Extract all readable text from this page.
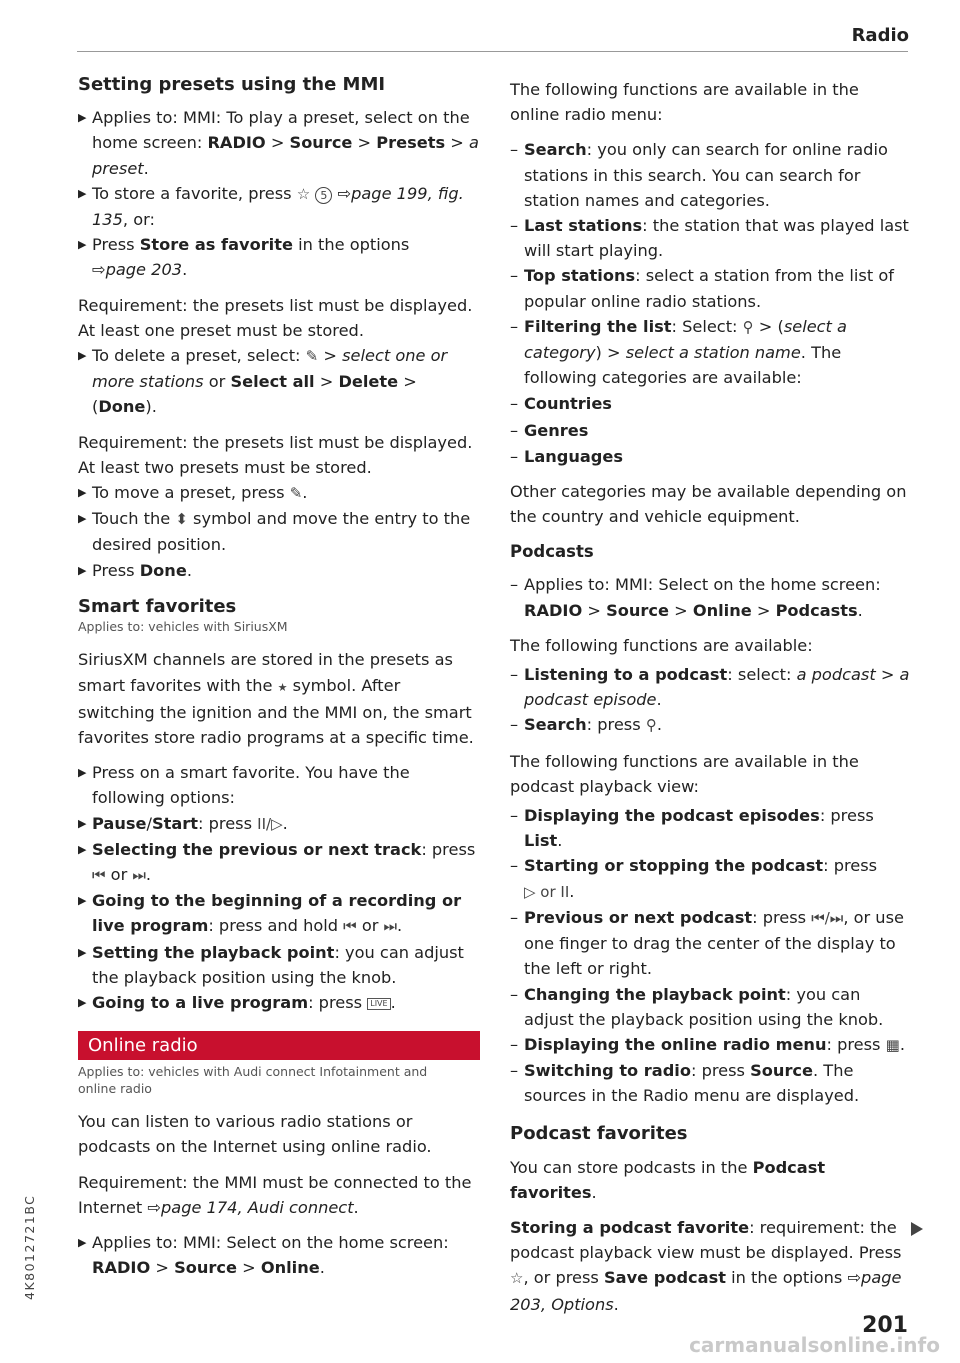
Radio
Setting presets using the MMI
▶ Applies to: MMI: To play a preset, select on the home screen: RADIO > Source > Presets > a preset.
▶ To store a favorite, press ☆ 5 ⇨page 199, fig. 135, or:
▶ Press Store as favorite in the options
⇨page 203.
Requirement: the presets list must be displayed.
At least one preset must be stored.
▶ To delete a preset, select: ✎ > select one or more stations or Select all > Delete > (Done).
Requirement: the presets list must be displayed.
At least two presets must be stored.
▶ To move a preset, press ✎.
▶ Touch the ⬍ symbol and move the entry to the desired position.
▶ Press Done.
Smart favorites
Applies to: vehicles with SiriusXM
SiriusXM channels are stored in the presets as smart favorites with the ★ symbol. After switching the ignition and the MMI on, the smart favorites store radio programs at a specific time.
▶ Press on a smart favorite. You have the following options:
▶ Pause/Start: press II/▷.
▶ Selecting the previous or next track: press ⏮ or ⏭.
▶ Going to the beginning of a recording or live program: press and hold ⏮ or ⏭.
▶ Setting the playback point: you can adjust the playback position using the knob.
▶ Going to a live program: press LIVE .
Online radio
Applies to: vehicles with Audi connect Infotainment and online radio
You can listen to various radio stations or podcasts on the Internet using online radio.
Requirement: the MMI must be connected to the Internet ⇨page 174, Audi connect.
▶ Applies to: MMI: Select on the home screen: RADIO > Source > Online.
The following functions are available in the online radio menu:
– Search: you only can search for online radio stations in this search. You can search for station names and categories.
– Last stations: the station that was played last will start playing.
– Top stations: select a station from the list of popular online radio stations.
– Filtering the list: Select: ⚲ > (select a category) > select a station name. The following categories are available:
– Countries
– Genres
– Languages
Other categories may be available depending on the country and vehicle equipment.
Podcasts
– Applies to: MMI: Select on the home screen: RADIO > Source > Online > Podcasts.
The following functions are available:
– Listening to a podcast: select: a podcast > a podcast episode.
– Search: press ⚲.
The following functions are available in the podcast playback view:
– Displaying the podcast episodes: press List.
– Starting or stopping the podcast: press ▷ or II.
– Previous or next podcast: press ⏮/⏭, or use one finger to drag the center of the display to the left or right.
– Changing the playback point: you can adjust the playback position using the knob.
– Displaying the online radio menu: press ▦.
– Switching to radio: press Source. The sources in the Radio menu are displayed.
Podcast favorites
You can store podcasts in the Podcast favorites.
Storing a podcast favorite: requirement: the podcast playback view must be displayed. Press ☆, or press Save podcast in the options ⇨page 203, Options.
4K8012721BC
201
carmanualsonline.info
